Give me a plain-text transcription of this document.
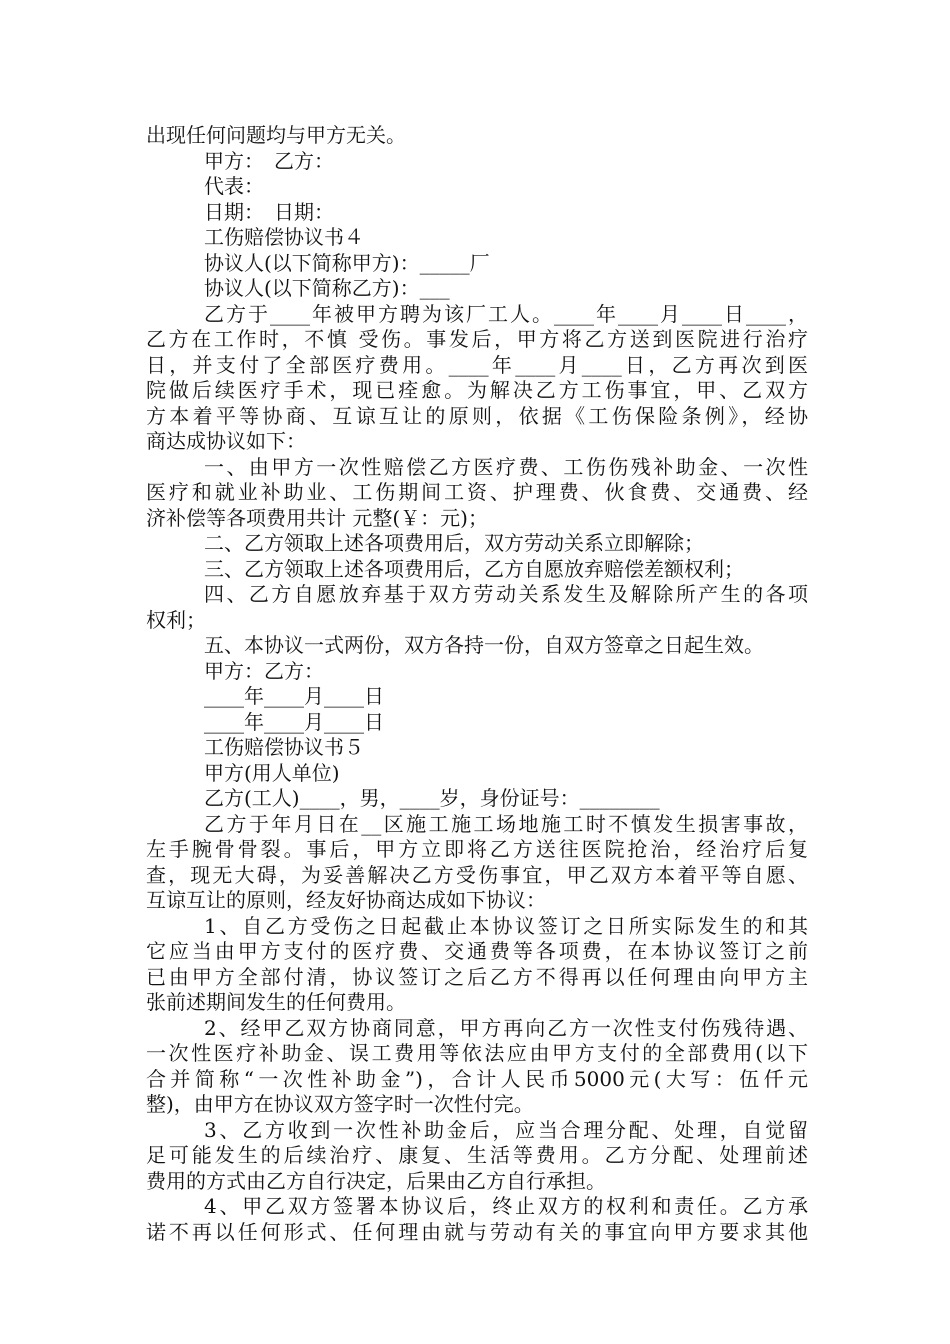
出现任何问题均与甲方无关。
甲方：　乙方：
代表：
日期：　日期：
工伤赔偿协议书４
协议人(以下简称甲方)：_____厂
协议人(以下简称乙方)：___
乙方于____年被甲方聘为该厂工人。____年____月____日____，
乙方在工作时，不慎 受伤。事发后，甲方将乙方送到医院进行治疗
日，并支付了全部医疗费用。____年____月____日，乙方再次到医
院做后续医疗手术，现已痊愈。为解决乙方工伤事宜，甲、乙双方
方本着平等协商、互谅互让的原则，依据《工伤保险条例》，经协
商达成协议如下：
一、由甲方一次性赔偿乙方医疗费、工伤伤残补助金、一次性
医疗和就业补助业、工伤期间工资、护理费、伙食费、交通费、经
济补偿等各项费用共计 元整(￥：元)；
二、乙方领取上述各项费用后，双方劳动关系立即解除；
三、乙方领取上述各项费用后，乙方自愿放弃赔偿差额权利；
四、乙方自愿放弃基于双方劳动关系发生及解除所产生的各项
权利；
五、本协议一式两份，双方各持一份，自双方签章之日起生效。
甲方：乙方：
____年____月____日
____年____月____日
工伤赔偿协议书５
甲方(用人单位)
乙方(工人)____，男，____岁，身份证号：________
乙方于年月日在__区施工施工场地施工时不慎发生损害事故，
左手腕骨骨裂。事后，甲方立即将乙方送往医院抢治，经治疗后复
查，现无大碍，为妥善解决乙方受伤事宜，甲乙双方本着平等自愿、
互谅互让的原则，经友好协商达成如下协议：
1、自乙方受伤之日起截止本协议签订之日所实际发生的和其
它应当由甲方支付的医疗费、交通费等各项费，在本协议签订之前
已由甲方全部付清，协议签订之后乙方不得再以任何理由向甲方主
张前述期间发生的任何费用。
2、经甲乙双方协商同意，甲方再向乙方一次性支付伤残待遇、
一次性医疗补助金、误工费用等依法应由甲方支付的全部费用(以下
合并简称“一次性补助金”)，合计人民币5000元(大写：伍仟元
整)，由甲方在协议双方签字时一次性付完。
3、乙方收到一次性补助金后，应当合理分配、处理，自觉留
足可能发生的后续治疗、康复、生活等费用。乙方分配、处理前述
费用的方式由乙方自行决定，后果由乙方自行承担。
4、甲乙双方签署本协议后，终止双方的权利和责任。乙方承
诺不再以任何形式、任何理由就与劳动有关的事宜向甲方要求其他
